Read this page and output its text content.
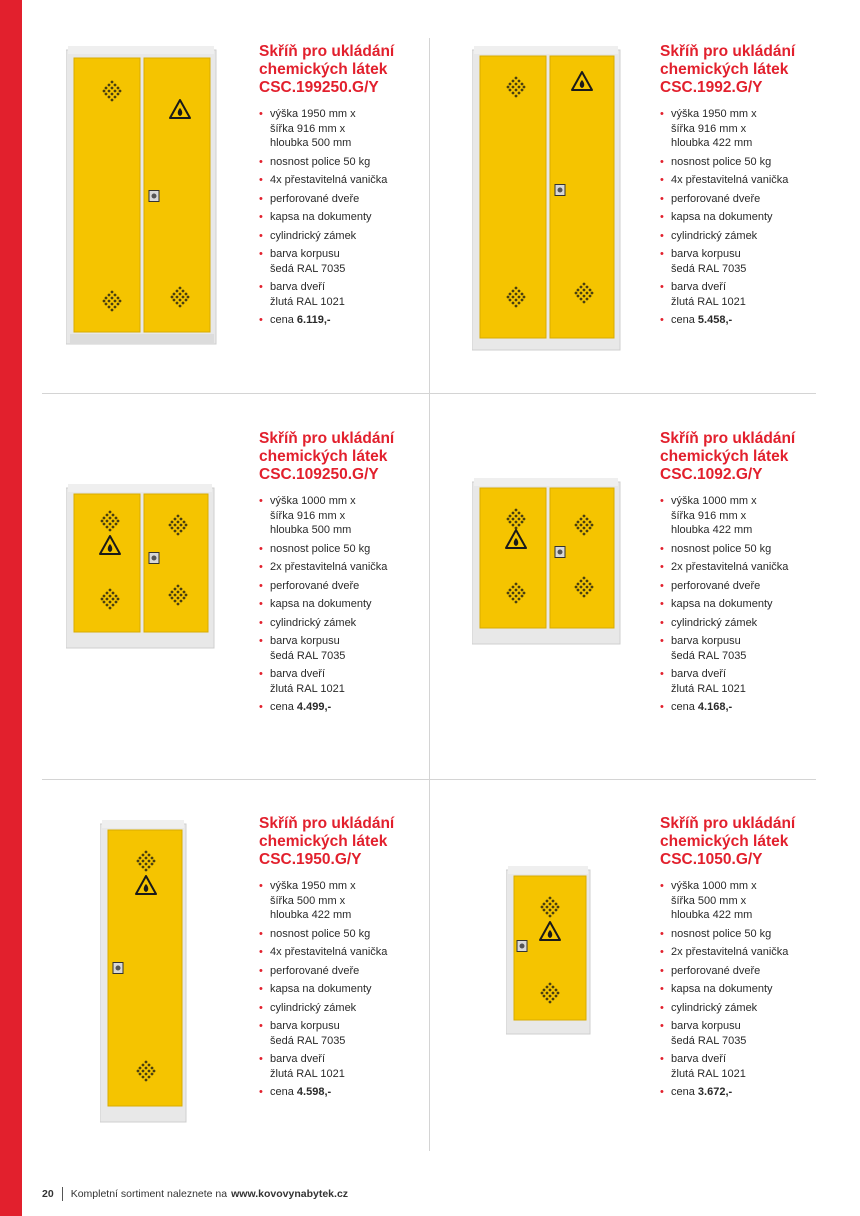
Skříň pro ukládání
chemických látek
CSC.199250.G/Y
• výška 1950 mm x
šířka 916 mm x
hloubka 500 mm
• nosnost police 50 kg
• 4x přestavitelná vanička
• perforované dveře
• kapsa na dokumenty
• cylindrický zámek
• barva korpusu
šedá RAL 7035
• barva dveří
žlutá RAL 1021
• cena 6.119,-
Skříň pro ukládání
chemických látek
CSC.1992.G/Y
• výška 1950 mm x
šířka 916 mm x
hloubka 422 mm
• nosnost police 50 kg
• 4x přestavitelná vanička
• perforované dveře
• kapsa na dokumenty
• cylindrický zámek
• barva korpusu
šedá RAL 7035
• barva dveří
žlutá RAL 1021
• cena 5.458,-
Skříň pro ukládání
chemických látek
CSC.109250.G/Y
• výška 1000 mm x
šířka 916 mm x
hloubka 500 mm
• nosnost police 50 kg
• 2x přestavitelná vanička
• perforované dveře
• kapsa na dokumenty
• cylindrický zámek
• barva korpusu
šedá RAL 7035
• barva dveří
žlutá RAL 1021
• cena 4.499,-
Skříň pro ukládání
chemických látek
CSC.1092.G/Y
• výška 1000 mm x
šířka 916 mm x
hloubka 422 mm
• nosnost police 50 kg
• 2x přestavitelná vanička
• perforované dveře
• kapsa na dokumenty
• cylindrický zámek
• barva korpusu
šedá RAL 7035
• barva dveří
žlutá RAL 1021
• cena 4.168,-
Skříň pro ukládání
chemických látek
CSC.1950.G/Y
• výška 1950 mm x
šířka 500 mm x
hloubka 422 mm
• nosnost police 50 kg
• 4x přestavitelná vanička
• perforované dveře
• kapsa na dokumenty
• cylindrický zámek
• barva korpusu
šedá RAL 7035
• barva dveří
žlutá RAL 1021
• cena 4.598,-
Skříň pro ukládání
chemických látek
CSC.1050.G/Y
• výška 1000 mm x
šířka 500 mm x
hloubka 422 mm
• nosnost police 50 kg
• 2x přestavitelná vanička
• perforované dveře
• kapsa na dokumenty
• cylindrický zámek
• barva korpusu
šedá RAL 7035
• barva dveří
žlutá RAL 1021
• cena 3.672,-
20 Kompletní sortiment naleznete na www.kovovynabytek.cz
